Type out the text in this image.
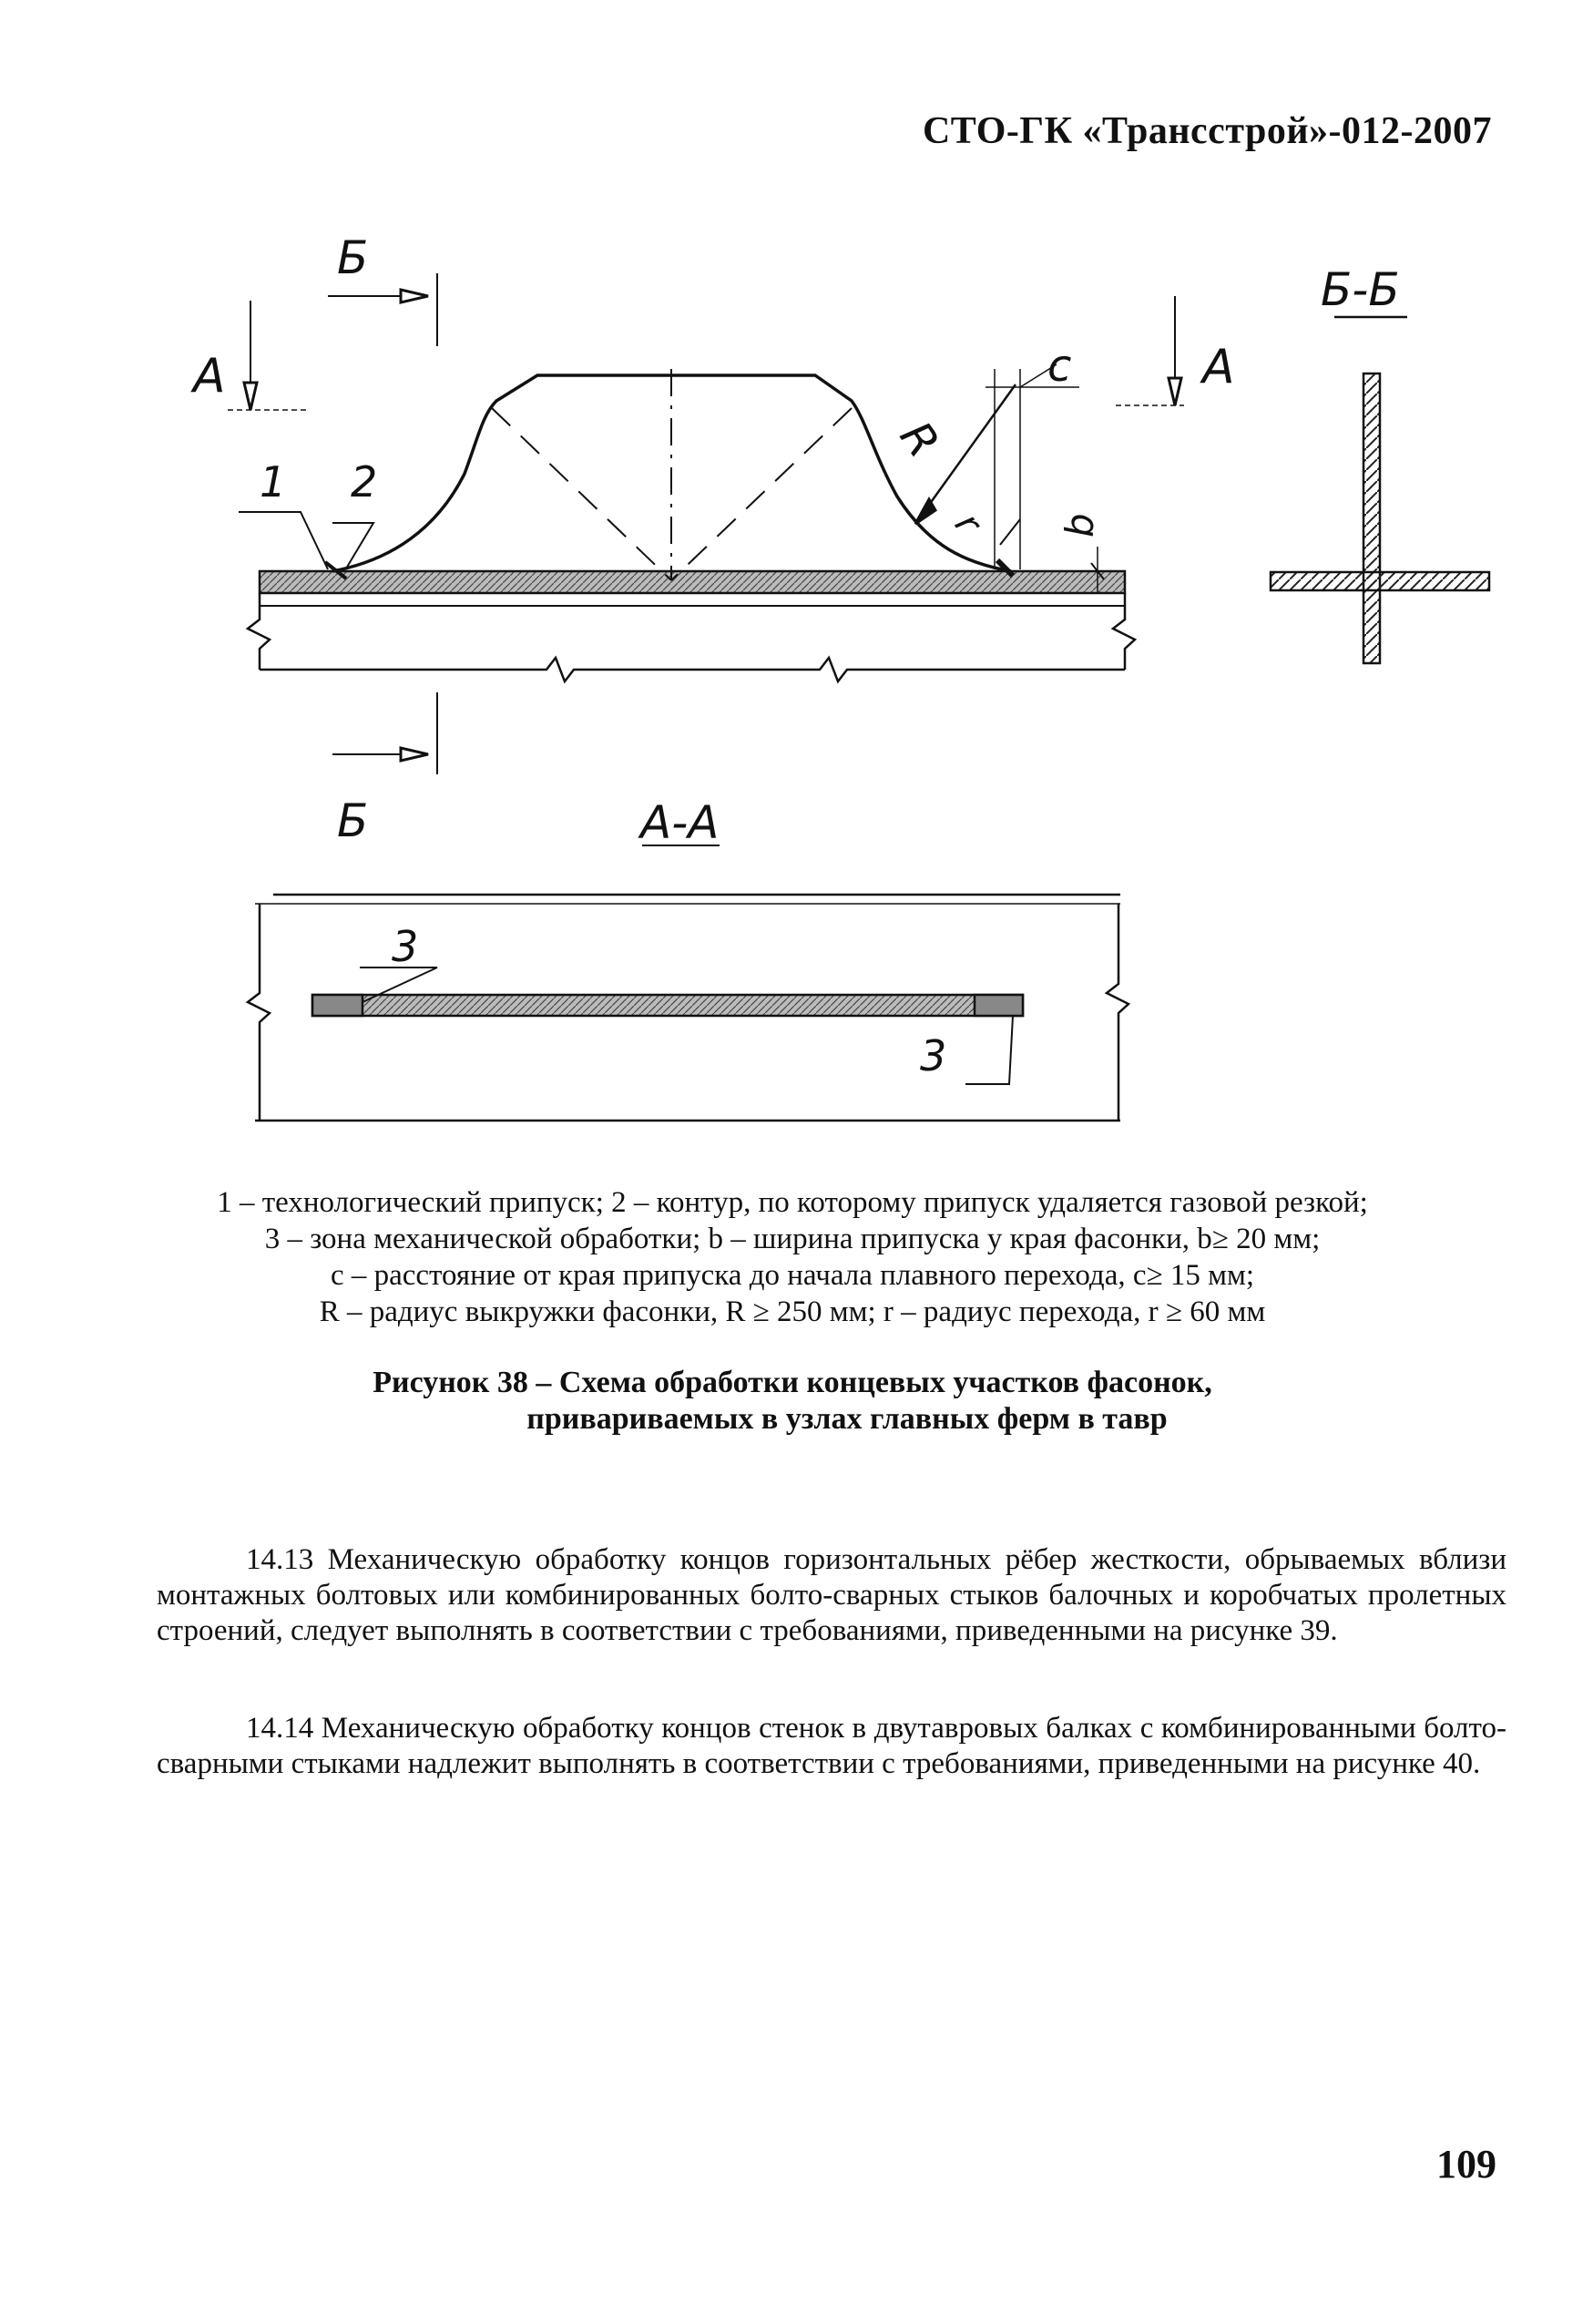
СТО-ГК «Трансстрой»-012-2007
Б
Б
А	А
Б-Б
А-А
1 2
3
3
c
R
r b
1 – технологический припуск; 2 – контур, по которому припуск удаляется газовой резкой;
3 – зона механической обработки; b – ширина припуска у края фасонки, b≥ 20 мм;
c – расстояние от края припуска до начала плавного перехода, c≥ 15 мм;
R – радиус выкружки фасонки, R ≥ 250 мм; r – радиус перехода, r ≥ 60 мм
Рисунок 38 – Схема обработки концевых участков фасонок,
привариваемых в узлах главных ферм в тавр

14.13 Механическую обработку концов горизонтальных рёбер жесткости, обрываемых вблизи монтажных болтовых или комбинированных болто-сварных стыков балочных и коробчатых пролетных строений, следует выполнять в соответствии с требованиями, приведенными на рисунке 39.

14.14 Механическую обработку концов стенок в двутавровых балках с комбинированными болто-сварными стыками надлежит выполнять в соответствии с требованиями, приведенными на рисунке 40.

109
